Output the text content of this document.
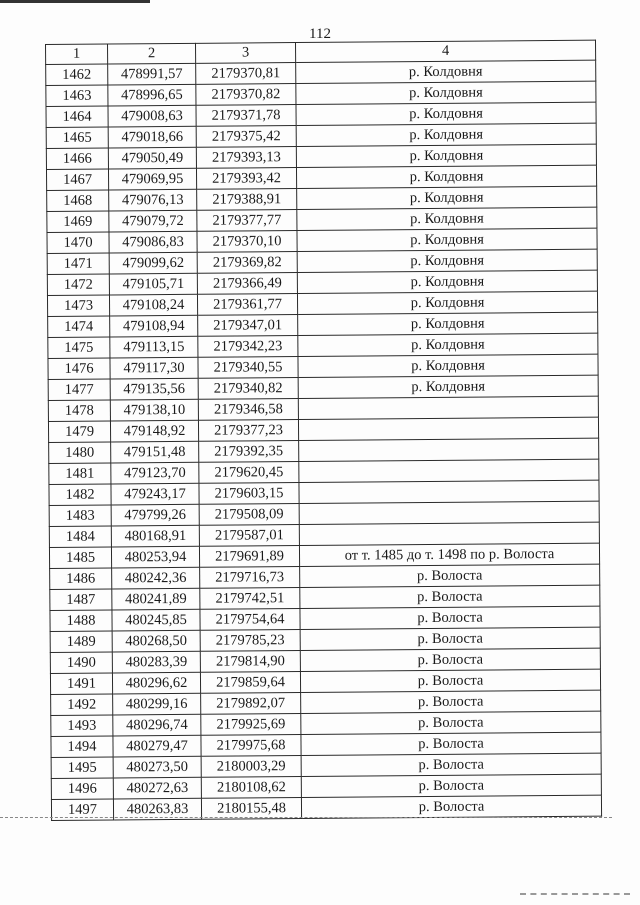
112
1	2	3	4
1462	478991,57	2179370,81	р. Колдовня
1463	478996,65	2179370,82	р. Колдовня
1464	479008,63	2179371,78	р. Колдовня
1465	479018,66	2179375,42	р. Колдовня
1466	479050,49	2179393,13	р. Колдовня
1467	479069,95	2179393,42	р. Колдовня
1468	479076,13	2179388,91	р. Колдовня
1469	479079,72	2179377,77	р. Колдовня
1470	479086,83	2179370,10	р. Колдовня
1471	479099,62	2179369,82	р. Колдовня
1472	479105,71	2179366,49	р. Колдовня
1473	479108,24	2179361,77	р. Колдовня
1474	479108,94	2179347,01	р. Колдовня
1475	479113,15	2179342,23	р. Колдовня
1476	479117,30	2179340,55	р. Колдовня
1477	479135,56	2179340,82	р. Колдовня
1478	479138,10	2179346,58	
1479	479148,92	2179377,23	
1480	479151,48	2179392,35	
1481	479123,70	2179620,45	
1482	479243,17	2179603,15	
1483	479799,26	2179508,09	
1484	480168,91	2179587,01	
1485	480253,94	2179691,89	от т. 1485 до т. 1498 по р. Волоста
1486	480242,36	2179716,73	р. Волоста
1487	480241,89	2179742,51	р. Волоста
1488	480245,85	2179754,64	р. Волоста
1489	480268,50	2179785,23	р. Волоста
1490	480283,39	2179814,90	р. Волоста
1491	480296,62	2179859,64	р. Волоста
1492	480299,16	2179892,07	р. Волоста
1493	480296,74	2179925,69	р. Волоста
1494	480279,47	2179975,68	р. Волоста
1495	480273,50	2180003,29	р. Волоста
1496	480272,63	2180108,62	р. Волоста
1497	480263,83	2180155,48	р. Волоста
